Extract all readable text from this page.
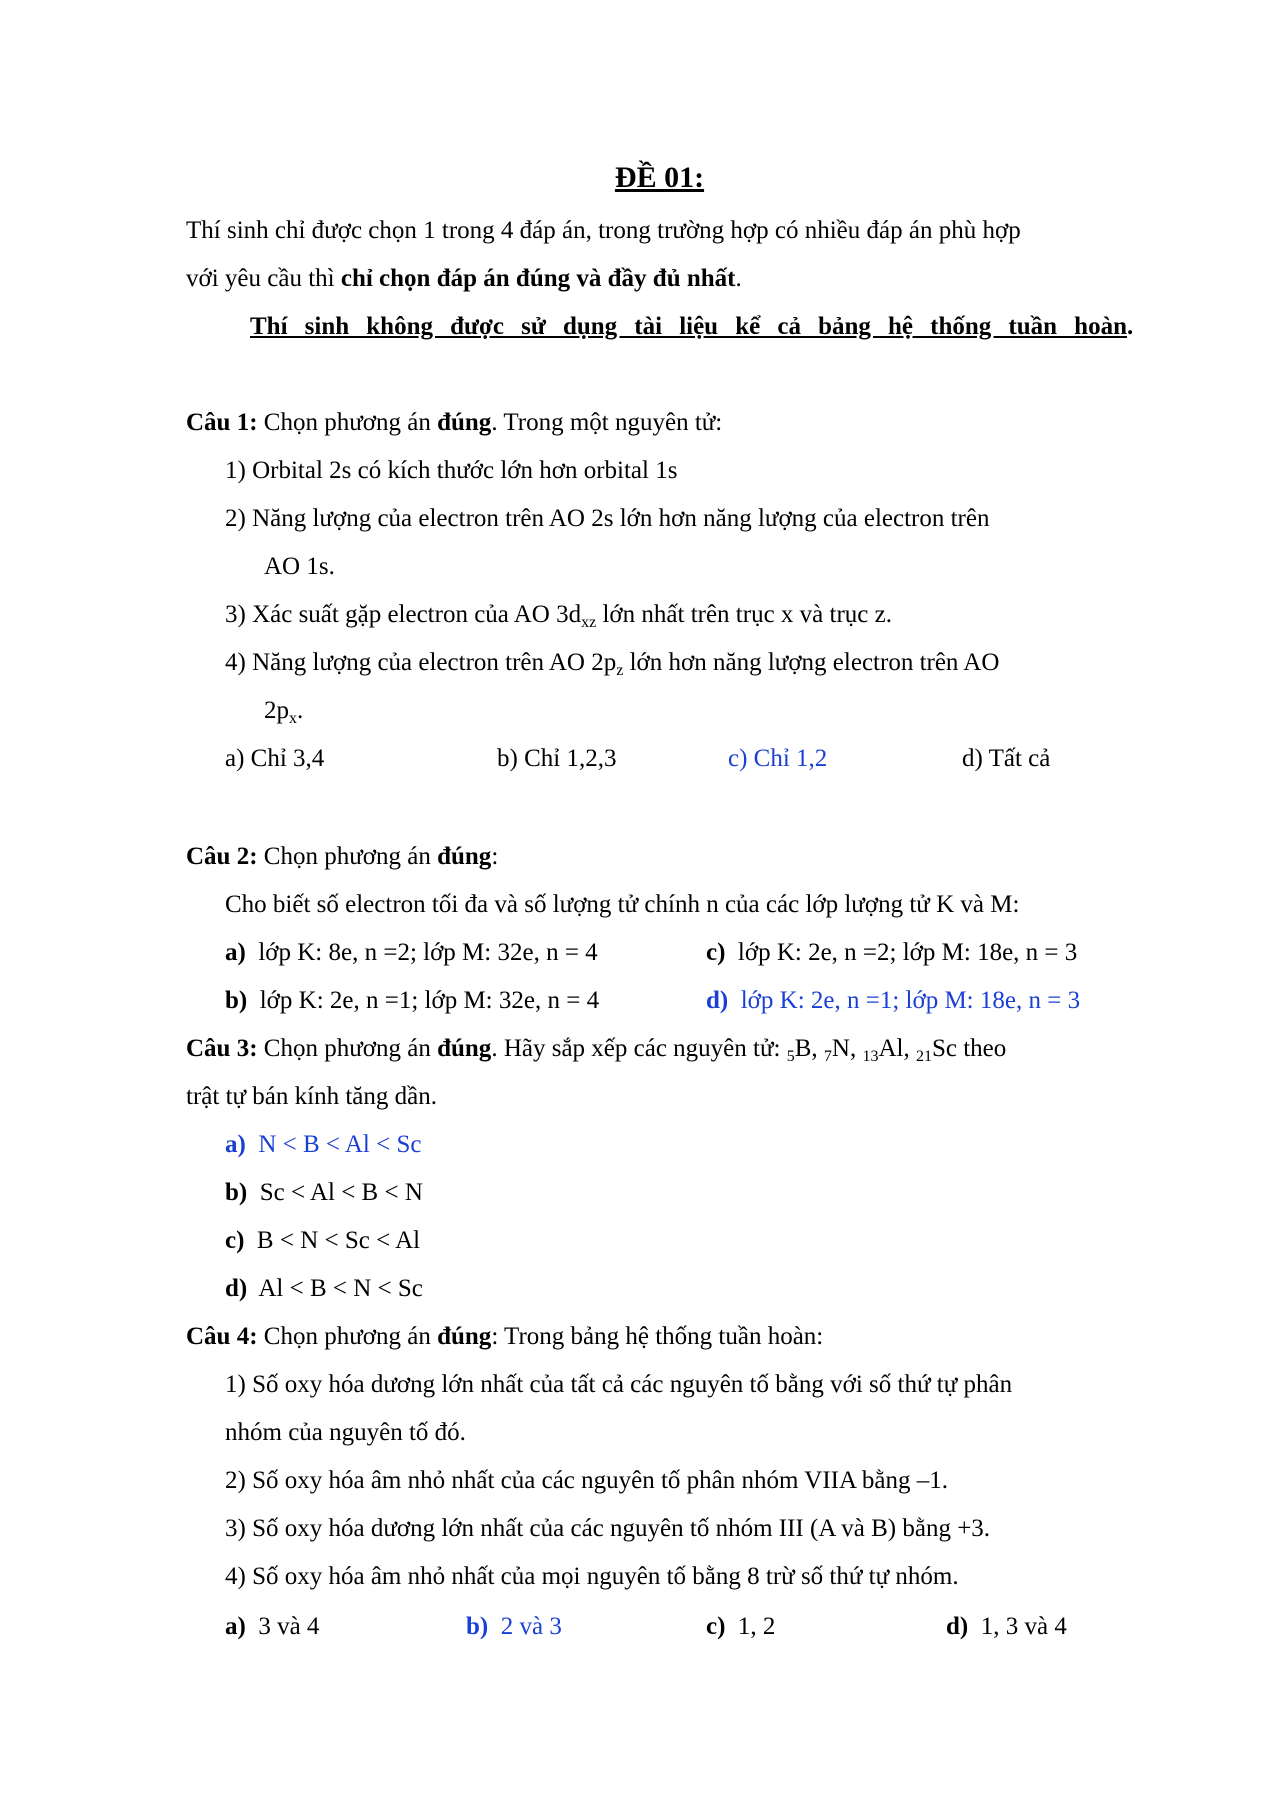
ĐỀ 01:
Thí sinh chỉ được chọn 1 trong 4 đáp án, trong trường hợp có nhiều đáp án phù hợp
với yêu cầu thì chỉ chọn đáp án đúng và đầy đủ nhất.
Thí sinh không được sử dụng tài liệu kể cả bảng hệ thống tuần hoàn.
Câu 1: Chọn phương án đúng. Trong một nguyên tử:
1) Orbital 2s có kích thước lớn hơn orbital 1s
2) Năng lượng của electron trên AO 2s lớn hơn năng lượng của electron trên
AO 1s.
3) Xác suất gặp electron của AO $3d_{xz}$ lớn nhất trên trục x và trục z.
4) Năng lượng của electron trên AO $2p_z$ lớn hơn năng lượng electron trên AO
$2p_x$.
a) Chỉ 3,4	b) Chỉ 1,2,3	c) Chỉ 1,2	d) Tất cả
Câu 2: Chọn phương án đúng:
Cho biết số electron tối đa và số lượng tử chính n của các lớp lượng tử K và M:
a) lớp K: 8e, n =2; lớp M: 32e, n = 4	c) lớp K: 2e, n =2; lớp M: 18e, n = 3
b) lớp K: 2e, n =1; lớp M: 32e, n = 4	d) lớp K: 2e, n =1; lớp M: 18e, n = 3
Câu 3: Chọn phương án đúng. Hãy sắp xếp các nguyên tử: $_5$B, $_7$N, $_{13}$Al, $_{21}$Sc theo
trật tự bán kính tăng dần.
a) N < B < Al < Sc
b) Sc < Al < B < N
c) B < N < Sc < Al
d) Al < B < N < Sc
Câu 4: Chọn phương án đúng: Trong bảng hệ thống tuần hoàn:
1) Số oxy hóa dương lớn nhất của tất cả các nguyên tố bằng với số thứ tự phân
nhóm của nguyên tố đó.
2) Số oxy hóa âm nhỏ nhất của các nguyên tố phân nhóm VIIA bằng –1.
3) Số oxy hóa dương lớn nhất của các nguyên tố nhóm III (A và B) bằng +3.
4) Số oxy hóa âm nhỏ nhất của mọi nguyên tố bằng 8 trừ số thứ tự nhóm.
a) 3 và 4	b) 2 và 3	c) 1, 2	d) 1, 3 và 4
